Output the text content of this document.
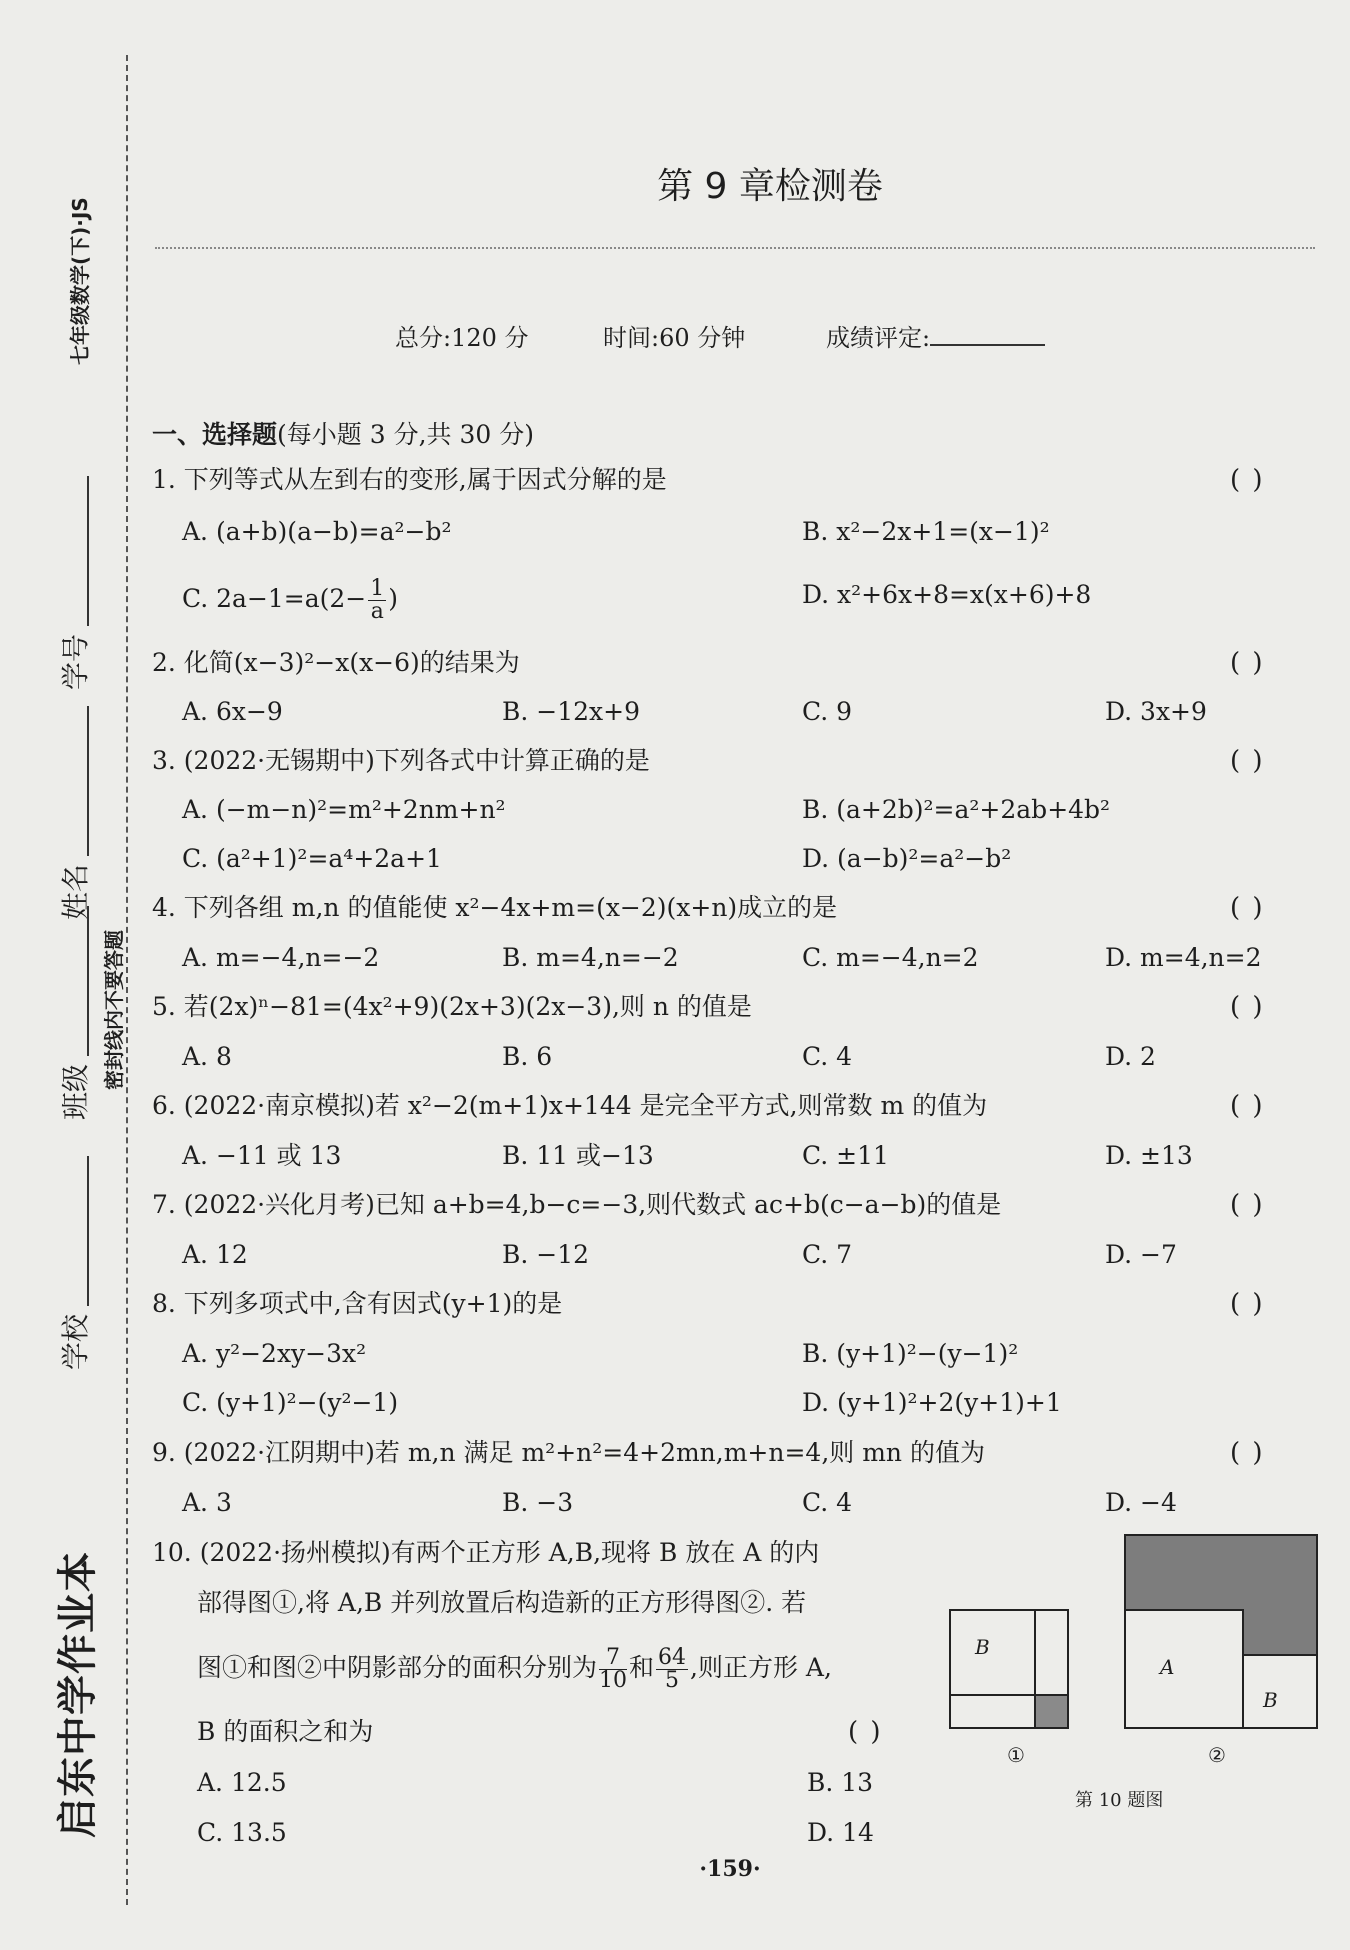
七年级数学(下)·JS
学号
姓名
班级
学校
密封线内不要答题
启东中学作业本
第 9 章检测卷
总分:120 分	时间:60 分钟	成绩评定:
一、选择题(每小题 3 分,共 30 分)
1. 下列等式从左到右的变形,属于因式分解的是	( )
A. (a+b)(a−b)=a²−b²	B. x²−2x+1=(x−1)²
C. $2a-1=a(2- \frac{1}{a}$ )	D. x²+6x+8=x(x+6)+8
2. 化简(x−3)²−x(x−6)的结果为	( )
A. 6x−9	B. −12x+9	C. 9	D. 3x+9
3. (2022·无锡期中)下列各式中计算正确的是	( )
A. (−m−n)²=m²+2nm+n²	B. (a+2b)²=a²+2ab+4b²
C. (a²+1)²=a⁴+2a+1	D. (a−b)²=a²−b²
4. 下列各组 m,n 的值能使 x²−4x+m=(x−2)(x+n)成立的是	( )
A. m=−4,n=−2	B. m=4,n=−2	C. m=−4,n=2	D. m=4,n=2
5. 若(2x)ⁿ−81=(4x²+9)(2x+3)(2x−3),则 n 的值是	( )
A. 8	B. 6	C. 4	D. 2
6. (2022·南京模拟)若 x²−2(m+1)x+144 是完全平方式,则常数 m 的值为	( )
A. −11 或 13	B. 11 或−13	C. ±11	D. ±13
7. (2022·兴化月考)已知 a+b=4,b−c=−3,则代数式 ac+b(c−a−b)的值是	( )
A. 12	B. −12	C. 7	D. −7
8. 下列多项式中,含有因式(y+1)的是	( )
A. y²−2xy−3x²	B. (y+1)²−(y−1)²
C. (y+1)²−(y²−1)	D. (y+1)²+2(y+1)+1
9. (2022·江阴期中)若 m,n 满足 m²+n²=4+2mn,m+n=4,则 mn 的值为	( )
A. 3	B. −3	C. 4	D. −4
10. (2022·扬州模拟)有两个正方形 A,B,现将 B 放在 A 的内
部得图①,将 A,B 并列放置后构造新的正方形得图②. 若
图①和图②中阴影部分的面积分别为 $\frac{7}{10}$ 和 $\frac{64}{5}$ ,则正方形 A,
B 的面积之和为	( )
A. 12.5	B. 13
C. 13.5	D. 14
B
A
B
①	②
第 10 题图
·159·
